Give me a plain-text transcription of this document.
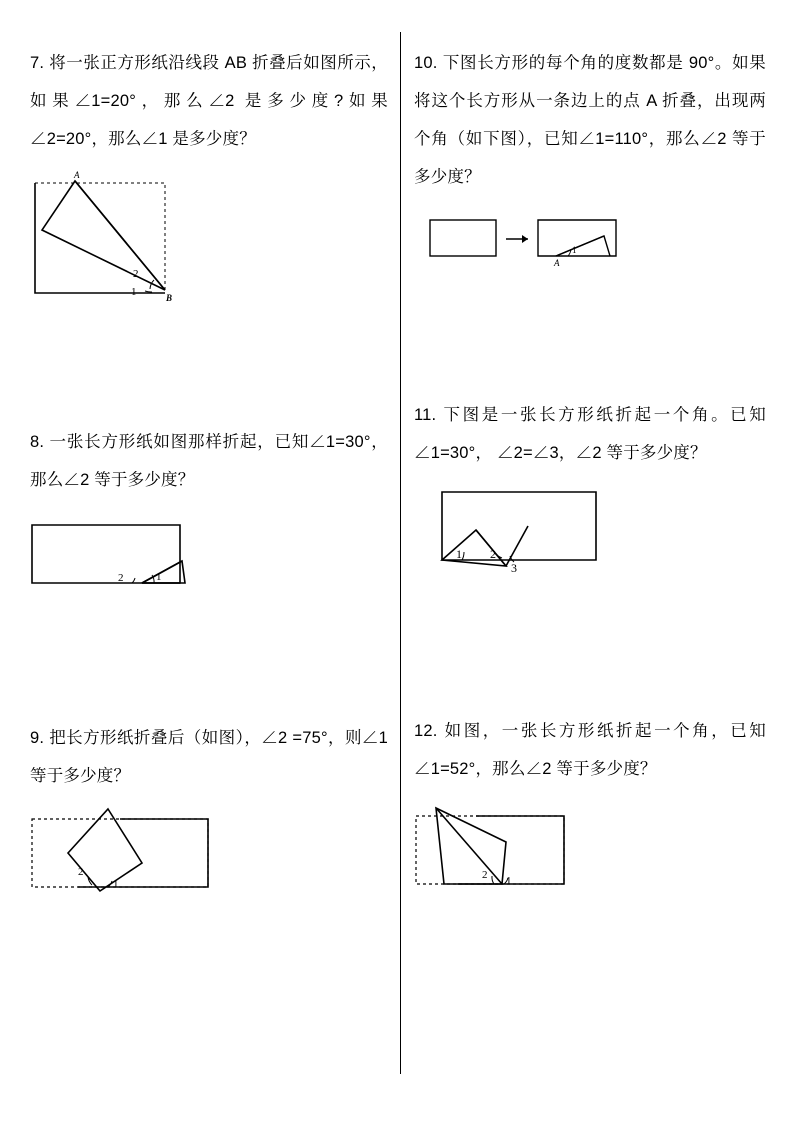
7. 将一张正方形纸沿线段 AB 折叠后如图所示，如果∠1=20°，那么∠2 是多少度?如果∠2=20°，那么∠1 是多少度？
A
B
2
1
8. 一张长方形纸如图那样折起，已知∠1=30°，那么∠2 等于多少度？
1
2
9. 把长方形纸折叠后（如图），∠2 =75°，则∠1 等于多少度？
2
1
10. 下图长方形的每个角的度数都是 90°。如果将这个长方形从一条边上的点 A 折叠，出现两个角（如下图），已知∠1=110°，那么∠2 等于多少度？
1
A
11. 下图是一张长方形纸折起一个角。已知∠1=30°， ∠2=∠3，∠2 等于多少度？
1 2
3
12. 如图，一张长方形纸折起一个角，已知∠1=52°，那么∠2 等于多少度？
2 1
